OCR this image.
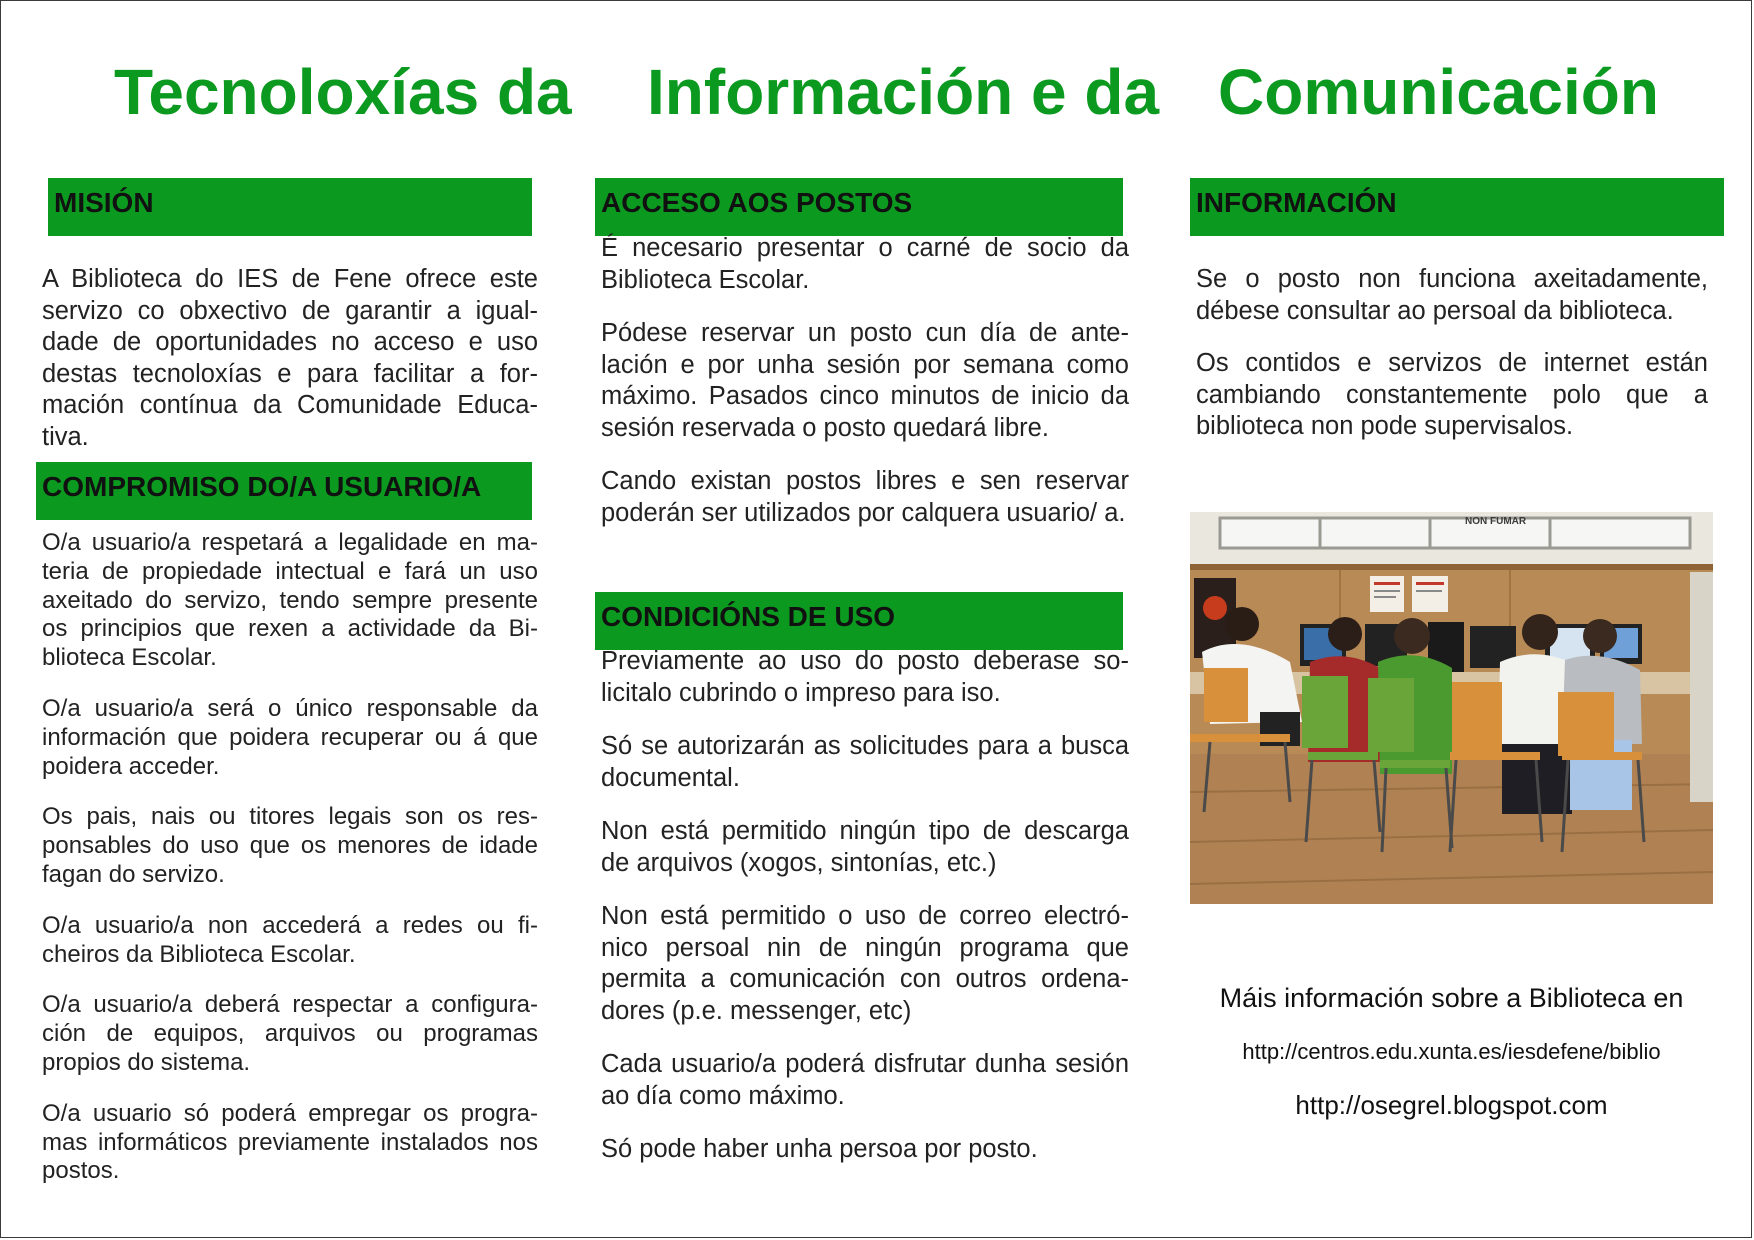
Tecnoloxías da Información e da Comunicación
MISIÓN

A Biblioteca do IES de Fene ofrece este servizo co obxectivo de garantir a igualdade de oportunidades no acceso e uso destas tecnoloxías e para facilitar a formación contínua da Comunidade Educativa.

COMPROMISO DO/A USUARIO/A

O/a usuario/a respetará a legalidade en materia de propiedade intectual e fará un uso axeitado do servizo, tendo sempre presente os principios que rexen a actividade da Biblioteca Escolar.

O/a usuario/a será o único responsable da información que poidera recuperar ou á que poidera acceder.

Os pais, nais ou titores legais son os responsables do uso que os menores de idade fagan do servizo.

O/a usuario/a non accederá a redes ou ficheiros da Biblioteca Escolar.

O/a usuario/a deberá respectar a configuración de equipos, arquivos ou programas propios do sistema.

O/a usuario só poderá empregar os programas informáticos previamente instalados nos postos.

ACCESO AOS POSTOS

É necesario presentar o carné de socio da Biblioteca Escolar.

Pódese reservar un posto cun día de antelación e por unha sesión por semana como máximo. Pasados cinco minutos de inicio da sesión reservada o posto quedará libre.

Cando existan postos libres e sen reservar poderán ser utilizados por calquera usuario/ a.

CONDICIÓNS DE USO

Previamente ao uso do posto deberase solicitalo cubrindo o impreso para iso.

Só se autorizarán as solicitudes para a busca documental.

Non está permitido ningún tipo de descarga de arquivos (xogos, sintonías, etc.)

Non está permitido o uso de correo electrónico persoal nin de ningún programa que permita a comunicación con outros ordenadores (p.e. messenger, etc)

Cada usuario/a poderá disfrutar dunha sesión ao día como máximo.

Só pode haber unha persoa por posto.

INFORMACIÓN

Se o posto non funciona axeitadamente, débese consultar ao persoal da biblioteca.

Os contidos e servizos de internet están cambiando constantemente polo que a biblioteca non pode supervisalos.

NON FUMAR
Máis información sobre a Biblioteca en
http://centros.edu.xunta.es/iesdefene/biblio
http://osegrel.blogspot.com
